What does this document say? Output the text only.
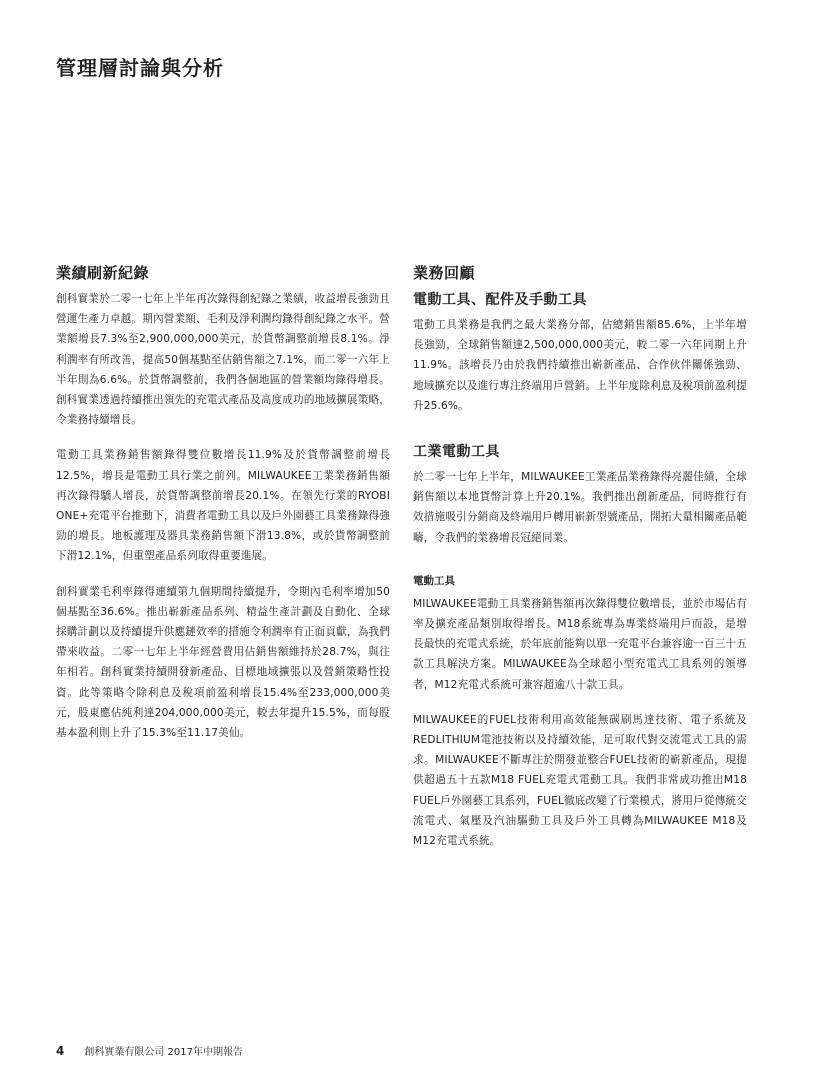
管理層討論與分析
業績刷新紀錄

創科實業於二零一七年上半年再次錄得創紀錄之業績，收益增長強勁且營運生產力卓越。期內營業額、毛利及淨利潤均錄得創紀錄之水平。營業額增長7.3%至2,900,000,000美元，於貨幣調整前增長8.1%。淨利潤率有所改善，提高50個基點至佔銷售額之7.1%，而二零一六年上半年則為6.6%。於貨幣調整前，我們各個地區的營業額均錄得增長。創科實業透過持續推出領先的充電式產品及高度成功的地域擴展策略，令業務持續增長。

電動工具業務銷售額錄得雙位數增長11.9%及於貨幣調整前增長12.5%，增長是電動工具行業之前列。MILWAUKEE工業業務銷售額再次錄得驕人增長，於貨幣調整前增長20.1%。在領先行業的RYOBI ONE+充電平台推動下，消費者電動工具以及戶外園藝工具業務錄得強勁的增長。地板護理及器具業務銷售額下滑13.8%，或於貨幣調整前下滑12.1%，但重塑產品系列取得重要進展。

創科實業毛利率錄得連續第九個期間持續提升，令期內毛利率增加50個基點至36.6%。推出嶄新產品系列、精益生產計劃及自動化、全球採購計劃以及持續提升供應鏈效率的措施令利潤率有正面貢獻，為我們帶來收益。二零一七年上半年經營費用佔銷售額維持於28.7%，與往年相若。創科實業持續開發新產品、目標地域擴張以及營銷策略性投資。此等策略令除利息及稅項前盈利增長15.4%至233,000,000美元，股東應佔純利達204,000,000美元，較去年提升15.5%，而每股基本盈利則上升了15.3%至11.17美仙。

業務回顧
電動工具、配件及手動工具

電動工具業務是我們之最大業務分部，佔總銷售額85.6%，上半年增長強勁，全球銷售額達2,500,000,000美元，較二零一六年同期上升11.9%。該增長乃由於我們持續推出嶄新產品、合作伙伴關係強勁、地域擴充以及進行專注終端用戶營銷。上半年度除利息及稅項前盈利提升25.6%。

工業電動工具

於二零一七年上半年，MILWAUKEE工業產品業務錄得亮麗佳績，全球銷售額以本地貨幣計算上升20.1%。我們推出創新產品，同時推行有效措施吸引分銷商及終端用戶轉用嶄新型號產品，開拓大量相關產品範疇，令我們的業務增長冠絕同業。

電動工具

MILWAUKEE電動工具業務銷售額再次錄得雙位數增長，並於市場佔有率及擴充產品類別取得增長。M18系統專為專業終端用戶而設，是增長最快的充電式系統，於年底前能夠以單一充電平台兼容逾一百三十五款工具解決方案。MILWAUKEE為全球超小型充電式工具系列的領導者，M12充電式系統可兼容超逾八十款工具。

MILWAUKEE的FUEL技術利用高效能無碳刷馬達技術、電子系統及REDLITHIUM電池技術以及持續效能，足可取代對交流電式工具的需求。MILWAUKEE不斷專注於開發並整合FUEL技術的嶄新產品，現提供超過五十五款M18 FUEL充電式電動工具。我們非常成功推出M18 FUEL戶外園藝工具系列，FUEL徹底改變了行業模式，將用戶從傳統交流電式、氣壓及汽油驅動工具及戶外工具轉為MILWAUKEE M18及M12充電式系統。

4 創科實業有限公司 2017年中期報告
